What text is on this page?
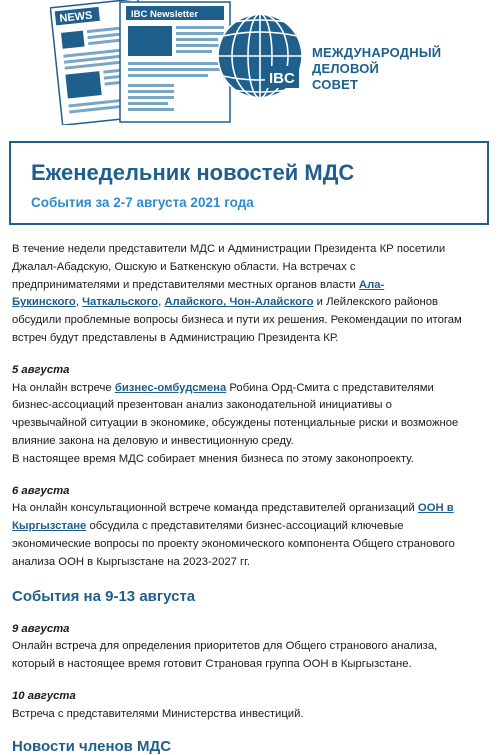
NEWS	IBC Newsletter
IBC
МЕЖДУНАРОДНЫЙ
ДЕЛОВОЙ
СОВЕТ
Еженедельник новостей МДС
События за 2-7 августа 2021 года

В течение недели представители МДС и Администрации Президента КР посетили

Джалал-Абадскую, Ошскую и Баткенскую области. На встречах с

предпринимателями и представителями местных органов власти Ала-

Букинского, Чаткальского, Алайского, Чон-Алайского и Лейлекского районов

обсудили проблемные вопросы бизнеса и пути их решения. Рекомендации по итогам

встреч будут представлены в Администрацию Президента КР.

5 августа

На онлайн встрече бизнес-омбудсмена Робина Орд-Смита с представителями

бизнес-ассоциаций презентован анализ законодательной инициативы о

чрезвычайной ситуации в экономике, обсуждены потенциальные риски и возможное

влияние закона на деловую и инвестиционную среду.

В настоящее время МДС собирает мнения бизнеса по этому законопроекту.

6 августа

На онлайн консультационной встрече команда представителей организаций ООН в

Кыргызстане обсудила с представителями бизнес-ассоциаций ключевые

экономические вопросы по проекту экономического компонента Общего странового

анализа ООН в Кыргызстане на 2023-2027 гг.

События на 9-13 августа

9 августа

Онлайн встреча для определения приоритетов для Общего странового анализа,

который в настоящее время готовит Страновая группа ООН в Кыргызстане.

10 августа

Встреча с представителями Министерства инвестиций.

Новости членов МДС
